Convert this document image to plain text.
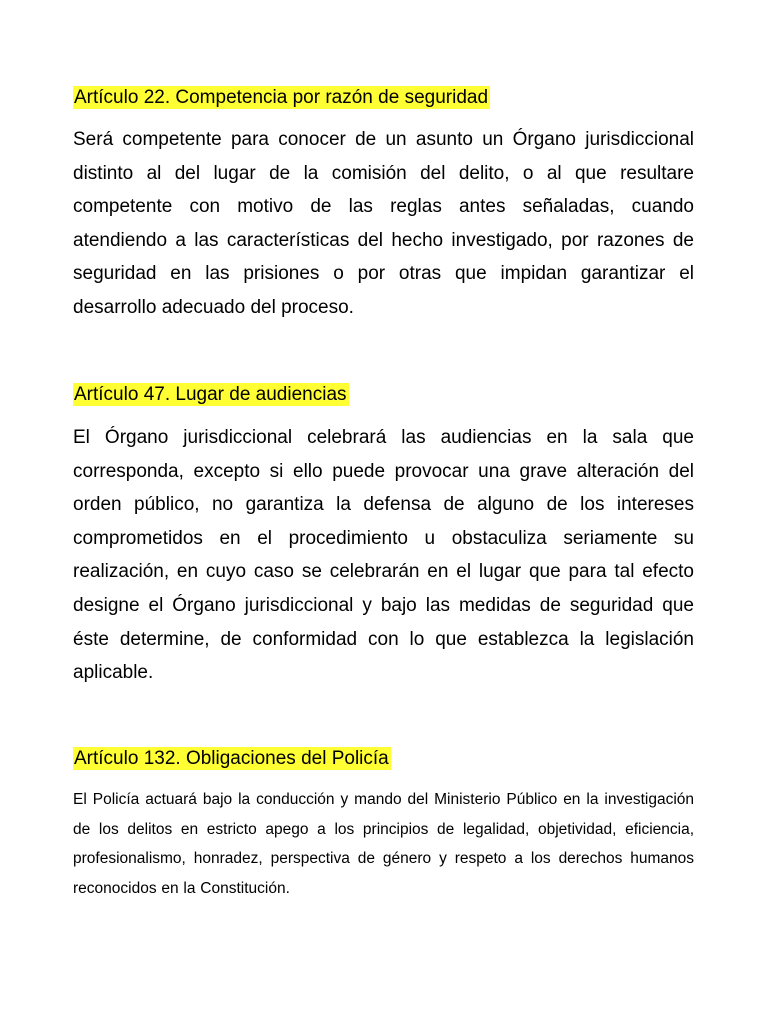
Artículo 22. Competencia por razón de seguridad

Será competente para conocer de un asunto un Órgano jurisdiccional distinto al del lugar de la comisión del delito, o al que resultare competente con motivo de las reglas antes señaladas, cuando atendiendo a las características del hecho investigado, por razones de seguridad en las prisiones o por otras que impidan garantizar el desarrollo adecuado del proceso.

Artículo 47. Lugar de audiencias

El Órgano jurisdiccional celebrará las audiencias en la sala que corresponda, excepto si ello puede provocar una grave alteración del orden público, no garantiza la defensa de alguno de los intereses comprometidos en el procedimiento u obstaculiza seriamente su realización, en cuyo caso se celebrarán en el lugar que para tal efecto designe el Órgano jurisdiccional y bajo las medidas de seguridad que éste determine, de conformidad con lo que establezca la legislación aplicable.

Artículo 132. Obligaciones del Policía

El Policía actuará bajo la conducción y mando del Ministerio Público en la investigación de los delitos en estricto apego a los principios de legalidad, objetividad, eficiencia, profesionalismo, honradez, perspectiva de género y respeto a los derechos humanos reconocidos en la Constitución.
